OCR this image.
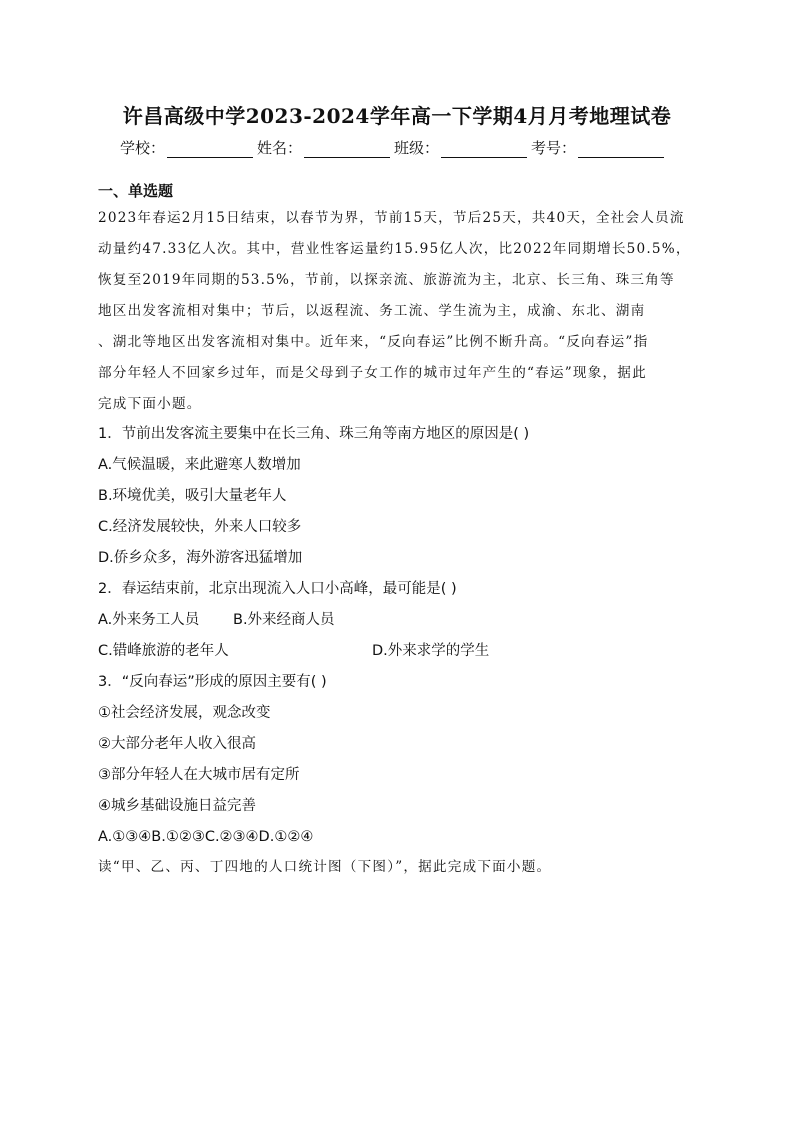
许昌高级中学2023-2024学年高一下学期4月月考地理试卷
学校：	姓名：	班级：	考号：
一、单选题
2023年春运2月15日结束，以春节为界，节前15天，节后25天，共40天，全社会人员流
动量约47.33亿人次。其中，营业性客运量约15.95亿人次，比2022年同期增长50.5%，
恢复至2019年同期的53.5%，节前，以探亲流、旅游流为主，北京、长三角、珠三角等
地区出发客流相对集中；节后，以返程流、务工流、学生流为主，成渝、东北、湖南
、湖北等地区出发客流相对集中。近年来，“反向春运”比例不断升高。“反向春运”指
部分年轻人不回家乡过年，而是父母到子女工作的城市过年产生的“春运”现象，据此
完成下面小题。
1．节前出发客流主要集中在长三角、珠三角等南方地区的原因是( )
A.气候温暖，来此避寒人数增加
B.环境优美，吸引大量老年人
C.经济发展较快，外来人口较多
D.侨乡众多，海外游客迅猛增加
2．春运结束前，北京出现流入人口小高峰，最可能是( )
A.外来务工人员	B.外来经商人员
C.错峰旅游的老年人	D.外来求学的学生
3．“反向春运”形成的原因主要有( )
①社会经济发展，观念改变
②大部分老年人收入很高
③部分年轻人在大城市居有定所
④城乡基础设施日益完善
A.①③④B.①②③C.②③④D.①②④
读“甲、乙、丙、丁四地的人口统计图（下图）”，据此完成下面小题。
